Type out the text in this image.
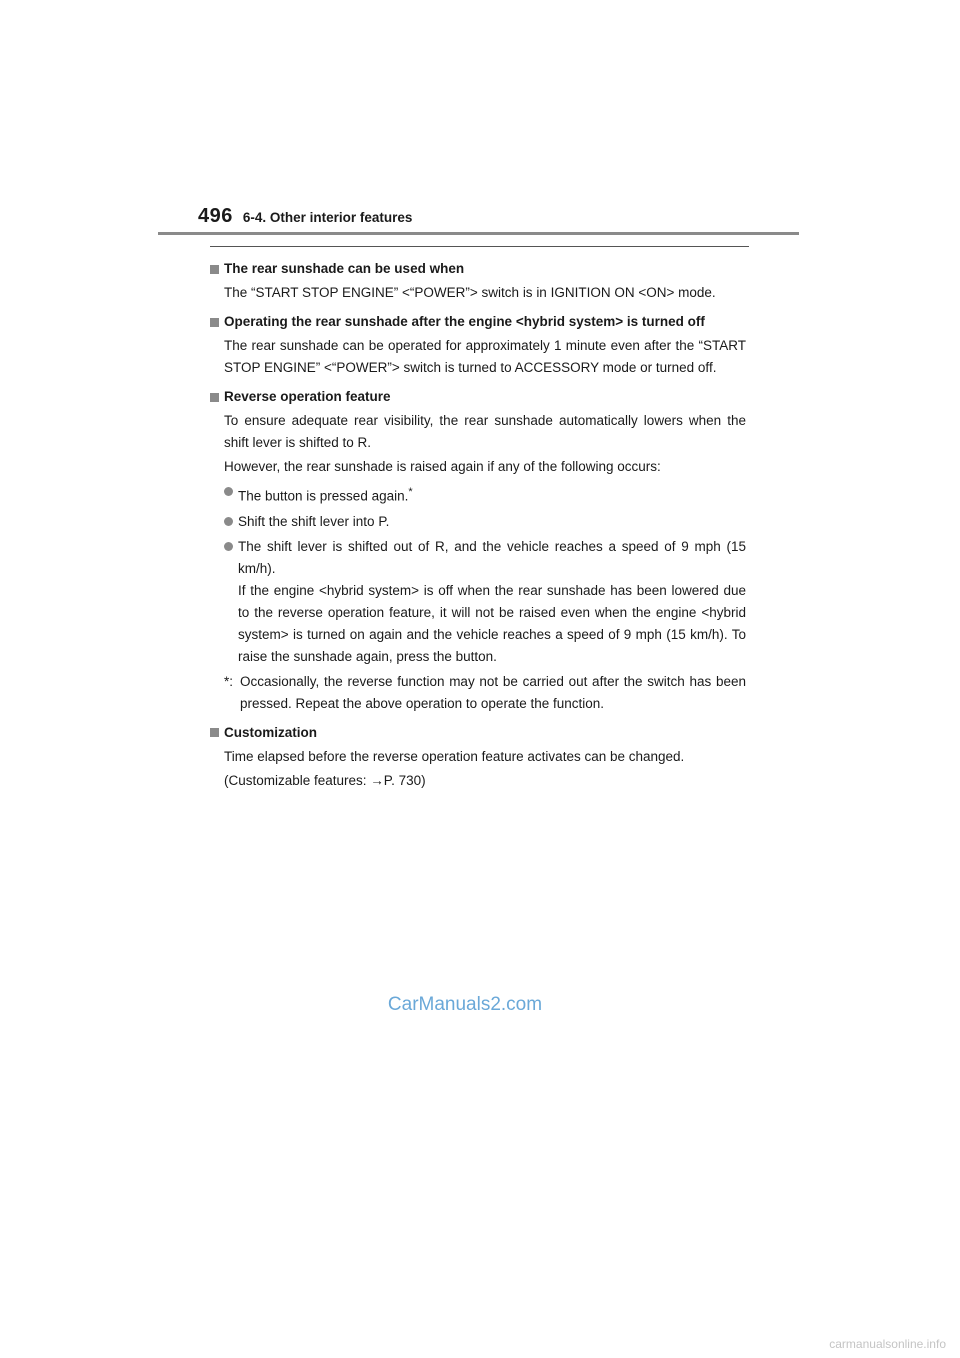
496 6-4. Other interior features
The rear sunshade can be used when
The “START STOP ENGINE” <“POWER”> switch is in IGNITION ON <ON> mode.
Operating the rear sunshade after the engine <hybrid system> is turned off
The rear sunshade can be operated for approximately 1 minute even after the “START STOP ENGINE” <“POWER”> switch is turned to ACCESSORY mode or turned off.
Reverse operation feature
To ensure adequate rear visibility, the rear sunshade automatically lowers when the shift lever is shifted to R.
However, the rear sunshade is raised again if any of the following occurs:
The button is pressed again.*
Shift the shift lever into P.
The shift lever is shifted out of R, and the vehicle reaches a speed of 9 mph (15 km/h).
If the engine <hybrid system> is off when the rear sunshade has been lowered due to the reverse operation feature, it will not be raised even when the engine <hybrid system> is turned on again and the vehicle reaches a speed of 9 mph (15 km/h). To raise the sunshade again, press the button.
*: Occasionally, the reverse function may not be carried out after the switch has been pressed. Repeat the above operation to operate the function.
Customization
Time elapsed before the reverse operation feature activates can be changed.
(Customizable features: →P. 730)
CarManuals2.com
carmanualsonline.info
